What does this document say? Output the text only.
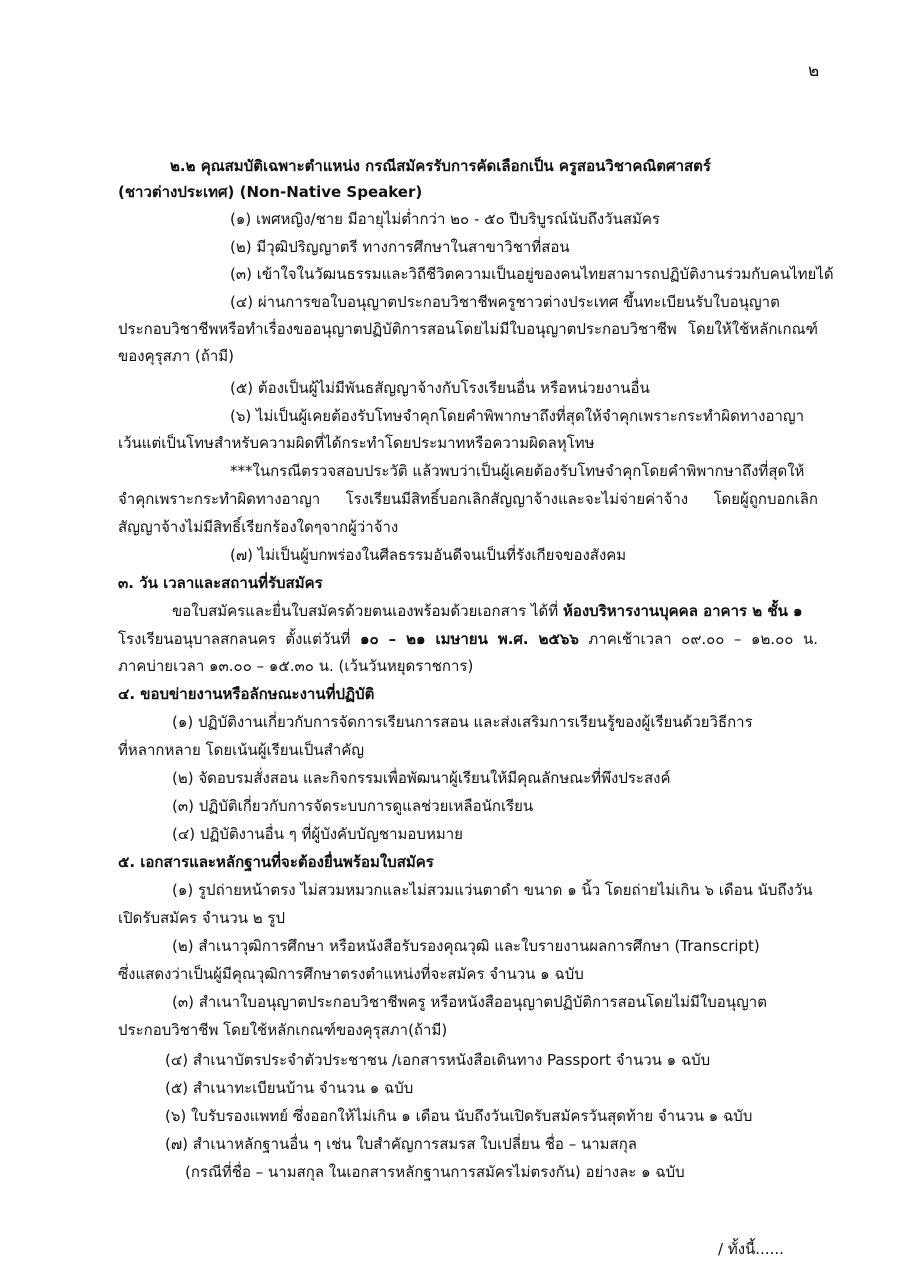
๒
๒.๒ คุณสมบัติเฉพาะตำแหน่ง กรณีสมัครรับการคัดเลือกเป็น ครูสอนวิชาคณิตศาสตร์
(ชาวต่างประเทศ) (Non-Native Speaker)
(๑) เพศหญิง/ชาย มีอายุไม่ต่ำกว่า ๒๐ - ๕๐ ปีบริบูรณ์นับถึงวันสมัคร
(๒) มีวุฒิปริญญาตรี ทางการศึกษาในสาขาวิชาที่สอน
(๓) เข้าใจในวัฒนธรรมและวิถีชีวิตความเป็นอยู่ของคนไทยสามารถปฏิบัติงานร่วมกับคนไทยได้
(๔) ผ่านการขอใบอนุญาตประกอบวิชาชีพครูชาวต่างประเทศ ขึ้นทะเบียนรับใบอนุญาต
ประกอบวิชาชีพหรือทำเรื่องขออนุญาตปฏิบัติการสอนโดยไม่มีใบอนุญาตประกอบวิชาชีพ โดยให้ใช้หลักเกณฑ์
ของคุรุสภา (ถ้ามี)
(๕) ต้องเป็นผู้ไม่มีพันธสัญญาจ้างกับโรงเรียนอื่น หรือหน่วยงานอื่น
(๖) ไม่เป็นผู้เคยต้องรับโทษจำคุกโดยคำพิพากษาถึงที่สุดให้จำคุกเพราะกระทำผิดทางอาญา
เว้นแต่เป็นโทษสำหรับความผิดที่ได้กระทำโดยประมาทหรือความผิดลหุโทษ
***ในกรณีตรวจสอบประวัติ แล้วพบว่าเป็นผู้เคยต้องรับโทษจำคุกโดยคำพิพากษาถึงที่สุดให้
จำคุกเพราะกระทำผิดทางอาญา โรงเรียนมีสิทธิ์บอกเลิกสัญญาจ้างและจะไม่จ่ายค่าจ้าง โดยผู้ถูกบอกเลิก
สัญญาจ้างไม่มีสิทธิ์เรียกร้องใดๆจากผู้ว่าจ้าง
(๗) ไม่เป็นผู้บกพร่องในศีลธรรมอันดีจนเป็นที่รังเกียจของสังคม
๓. วัน เวลาและสถานที่รับสมัคร
ขอใบสมัครและยื่นใบสมัครด้วยตนเองพร้อมด้วยเอกสาร ได้ที่ ห้องบริหารงานบุคคล อาคาร ๒ ชั้น ๑
โรงเรียนอนุบาลสกลนคร ตั้งแต่วันที่ ๑๐ – ๒๑ เมษายน พ.ศ. ๒๕๖๖ ภาคเช้าเวลา ๐๙.๐๐ – ๑๒.๐๐ น.
ภาคบ่ายเวลา ๑๓.๐๐ – ๑๕.๓๐ น. (เว้นวันหยุดราชการ)
๔. ขอบข่ายงานหรือลักษณะงานที่ปฏิบัติ
(๑) ปฏิบัติงานเกี่ยวกับการจัดการเรียนการสอน และส่งเสริมการเรียนรู้ของผู้เรียนด้วยวิธีการ
ที่หลากหลาย โดยเน้นผู้เรียนเป็นสำคัญ
(๒) จัดอบรมสั่งสอน และกิจกรรมเพื่อพัฒนาผู้เรียนให้มีคุณลักษณะที่พึงประสงค์
(๓) ปฏิบัติเกี่ยวกับการจัดระบบการดูแลช่วยเหลือนักเรียน
(๔) ปฏิบัติงานอื่น ๆ ที่ผู้บังคับบัญชามอบหมาย
๕. เอกสารและหลักฐานที่จะต้องยื่นพร้อมใบสมัคร
(๑) รูปถ่ายหน้าตรง ไม่สวมหมวกและไม่สวมแว่นตาดำ ขนาด ๑ นิ้ว โดยถ่ายไม่เกิน ๖ เดือน นับถึงวัน
เปิดรับสมัคร จำนวน ๒ รูป
(๒) สำเนาวุฒิการศึกษา หรือหนังสือรับรองคุณวุฒิ และใบรายงานผลการศึกษา (Transcript)
ซึ่งแสดงว่าเป็นผู้มีคุณวุฒิการศึกษาตรงตำแหน่งที่จะสมัคร จำนวน ๑ ฉบับ
(๓) สำเนาใบอนุญาตประกอบวิชาชีพครู หรือหนังสืออนุญาตปฏิบัติการสอนโดยไม่มีใบอนุญาต
ประกอบวิชาชีพ โดยใช้หลักเกณฑ์ของคุรุสภา(ถ้ามี)
(๔) สำเนาบัตรประจำตัวประชาชน /เอกสารหนังสือเดินทาง Passport จำนวน ๑ ฉบับ
(๕) สำเนาทะเบียนบ้าน จำนวน ๑ ฉบับ
(๖) ใบรับรองแพทย์ ซึ่งออกให้ไม่เกิน ๑ เดือน นับถึงวันเปิดรับสมัครวันสุดท้าย จำนวน ๑ ฉบับ
(๗) สำเนาหลักฐานอื่น ๆ เช่น ใบสำคัญการสมรส ใบเปลี่ยน ชื่อ – นามสกุล
(กรณีที่ชื่อ – นามสกุล ในเอกสารหลักฐานการสมัครไม่ตรงกัน) อย่างละ ๑ ฉบับ
/ ทั้งนี้......
